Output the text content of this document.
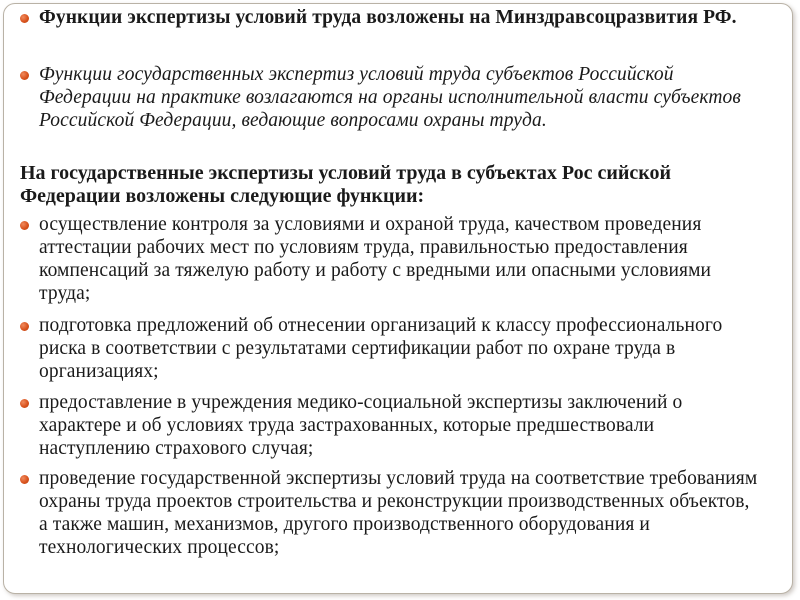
Функции экспертизы условий труда возложены на Минздравсоцразвития РФ.
Функции государственных экспертиз условий труда субъектов Российской Федерации на практике возлагаются на органы исполнительной власти субъектов Российской Федерации, ведающие вопросами охраны труда.
На государственные экспертизы условий труда в субъектах Рос сийской Федерации возложены следующие функции:
осуществление контроля за условиями и охраной труда, качеством проведения аттестации рабочих мест по условиям труда, правильностью предоставления компенсаций за тяжелую работу и работу с вредными или опасными условиями труда;
подготовка предложений об отнесении организаций к классу профессионального риска в соответствии с результатами сертификации работ по охране труда в организациях;
предоставление в учреждения медико-социальной экспертизы заключений о характере и об условиях труда застрахованных, которые предшествовали наступлению страхового случая;
проведение государственной экспертизы условий труда на соответствие требованиям охраны труда проектов строительства и реконструкции производственных объектов, а также машин, механизмов, другого производственного оборудования и технологических процессов;
